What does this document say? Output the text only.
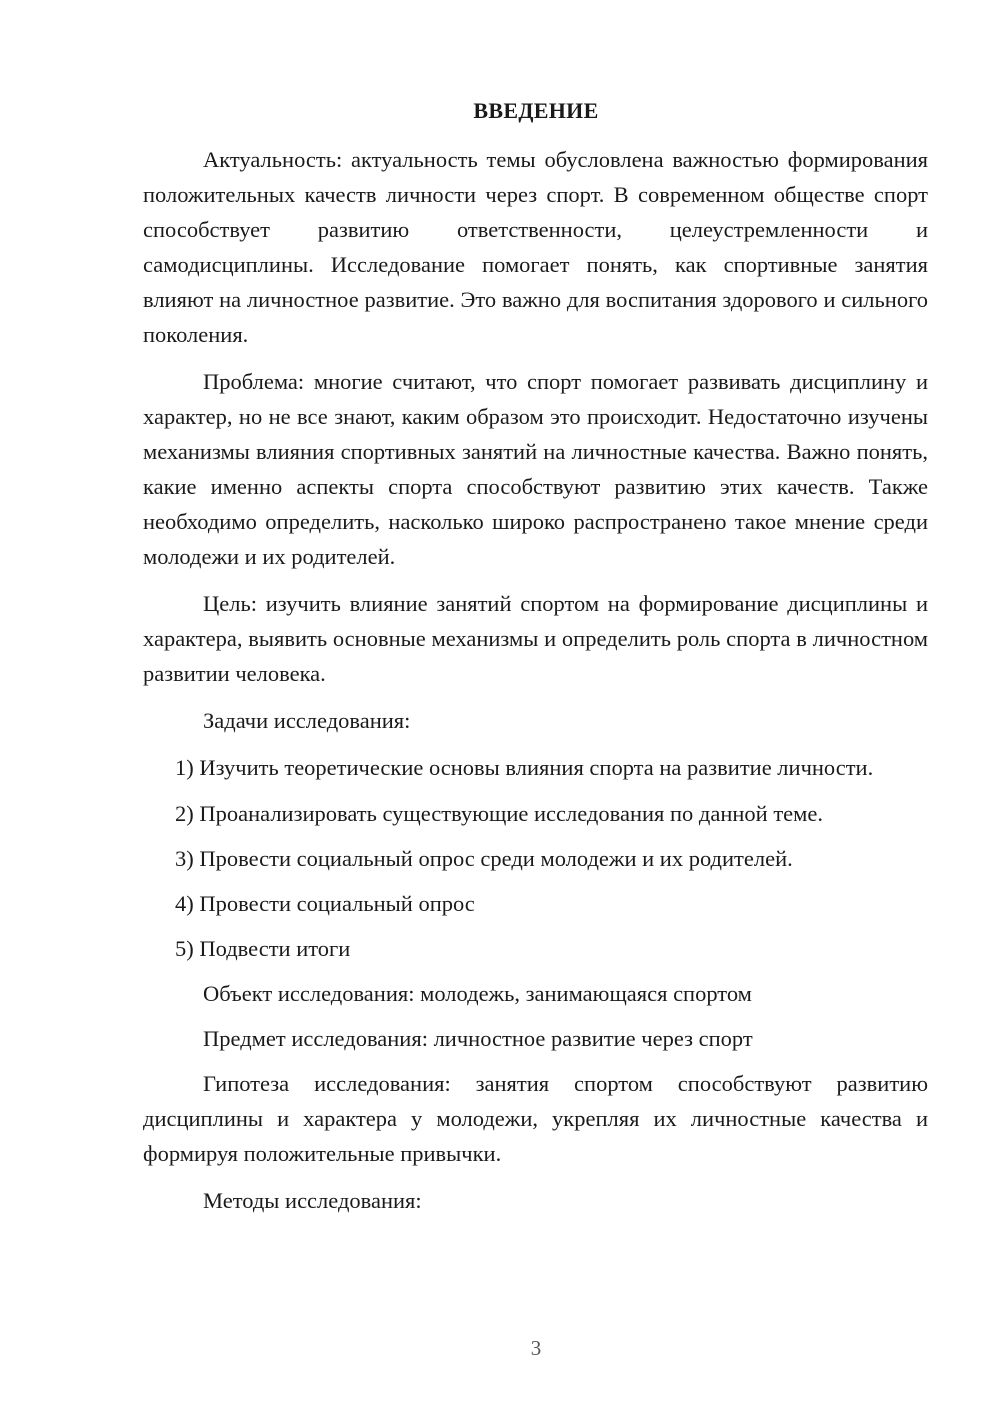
ВВЕДЕНИЕ

Актуальность: актуальность темы обусловлена важностью формирования положительных качеств личности через спорт. В современном обществе спорт способствует развитию ответственности, целеустремленности и самодисциплины. Исследование помогает понять, как спортивные занятия влияют на личностное развитие. Это важно для воспитания здорового и сильного поколения.

Проблема: многие считают, что спорт помогает развивать дисциплину и характер, но не все знают, каким образом это происходит. Недостаточно изучены механизмы влияния спортивных занятий на личностные качества. Важно понять, какие именно аспекты спорта способствуют развитию этих качеств. Также необходимо определить, насколько широко распространено такое мнение среди молодежи и их родителей.

Цель: изучить влияние занятий спортом на формирование дисциплины и характера, выявить основные механизмы и определить роль спорта в личностном развитии человека.

Задачи исследования:

1) Изучить теоретические основы влияния спорта на развитие личности.

2) Проанализировать существующие исследования по данной теме.

3) Провести социальный опрос среди молодежи и их родителей.

4) Провести социальный опрос

5) Подвести итоги

Объект исследования: молодежь, занимающаяся спортом

Предмет исследования: личностное развитие через спорт

Гипотеза исследования: занятия спортом способствуют развитию дисциплины и характера у молодежи, укрепляя их личностные качества и формируя положительные привычки.

Методы исследования:

3
